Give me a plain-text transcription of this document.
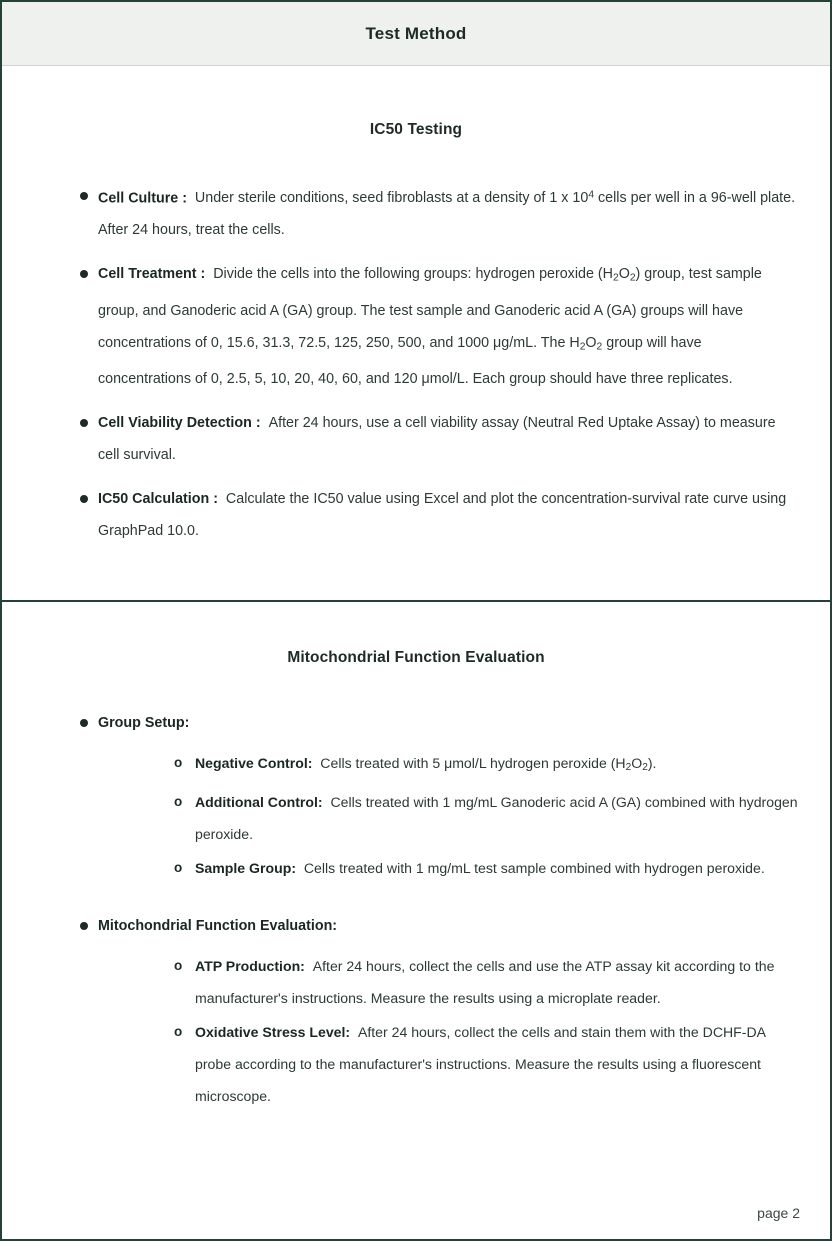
Test Method
IC50 Testing
Cell Culture :  Under sterile conditions, seed fibroblasts at a density of 1 x $10^4$ cells per well in a 96-well plate. After 24 hours, treat the cells.
Cell Treatment :  Divide the cells into the following groups: hydrogen peroxide $(H_2O_2)$ group, test sample group, and Ganoderic acid A (GA) group. The test sample and Ganoderic acid A (GA) groups will have concentrations of 0, 15.6, 31.3, 72.5, 125, 250, 500, and 1000 μg/mL. The $H_2O_2$ group will have concentrations of 0, 2.5, 5, 10, 20, 40, 60, and 120 μmol/L. Each group should have three replicates.
Cell Viability Detection :  After 24 hours, use a cell viability assay (Neutral Red Uptake Assay) to measure cell survival.
IC50 Calculation :  Calculate the IC50 value using Excel and plot the concentration-survival rate curve using GraphPad 10.0.
Mitochondrial Function Evaluation
Group Setup:
o Negative Control:  Cells treated with 5 μmol/L hydrogen peroxide $(H_2O_2)$.
o Additional Control:  Cells treated with 1 mg/mL Ganoderic acid A (GA) combined with hydrogen peroxide.
o Sample Group:  Cells treated with 1 mg/mL test sample combined with hydrogen peroxide.
Mitochondrial Function Evaluation:
o ATP Production:  After 24 hours, collect the cells and use the ATP assay kit according to the manufacturer's instructions. Measure the results using a microplate reader.
o Oxidative Stress Level:  After 24 hours, collect the cells and stain them with the DCHF-DA probe according to the manufacturer's instructions. Measure the results using a fluorescent microscope.
page 2
